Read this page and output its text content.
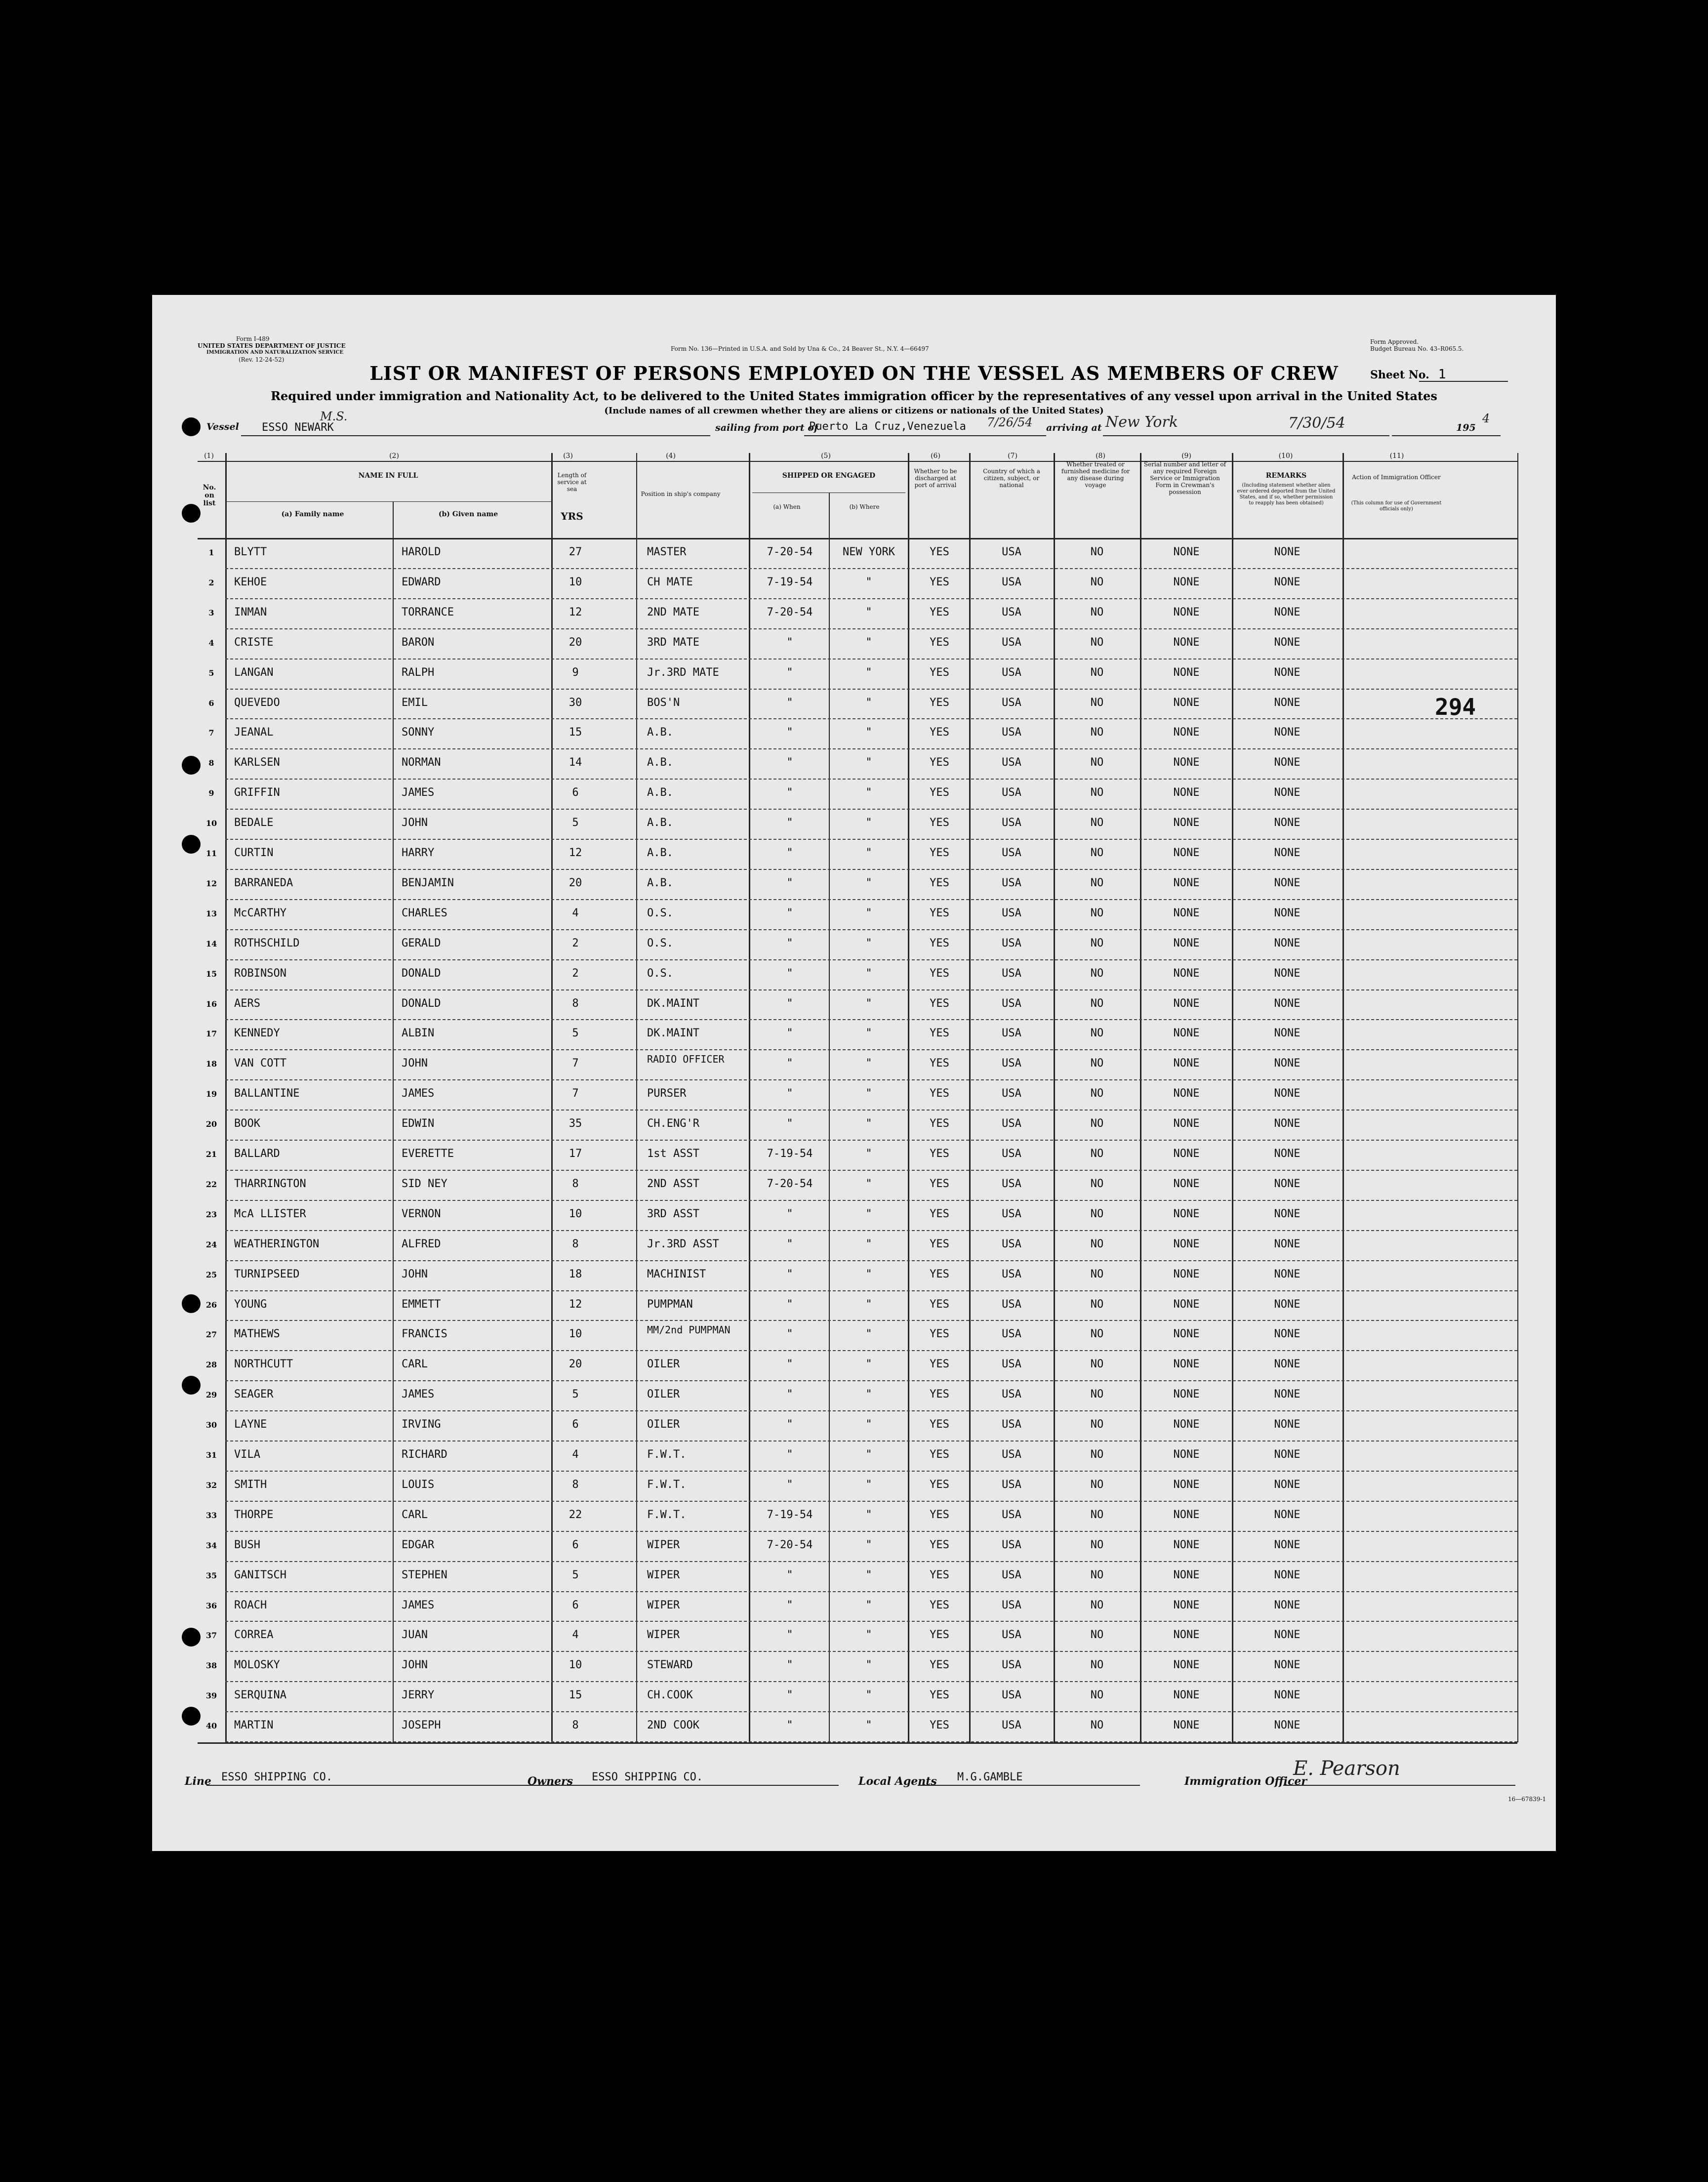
Form I-489
UNITED STATES DEPARTMENT OF JUSTICE
IMMIGRATION AND NATURALIZATION SERVICE
(Rev. 12-24-52)
Form No. 136—Printed in U.S.A. and Sold by Una & Co., 24 Beaver St., N.Y. 4—66497
Form Approved.
Budget Bureau No. 43–R065.5.
LIST OR MANIFEST OF PERSONS EMPLOYED ON THE VESSEL AS MEMBERS OF CREW	Sheet No. 1
Required under immigration and Nationality Act, to be delivered to the United States immigration officer by the representatives of any vessel upon arrival in the United States
(Include names of all crewmen whether they are aliens or citizens or nationals of the United States)
Vessel
M.S.
ESSO NEWARK	sailing from port of
Puerto La Cruz,Venezuela 7/26/54 arriving at New York	7/30/54	195
4
(1)	(2)	(3)	(4)	(5)	(6)	(7)	(8)	(9)	(10)	(11)
No. on list
NAME IN FULL
(a) Family name	(b) Given name
Length of service at sea
YRS
Position in ship's company
SHIPPED OR ENGAGED
(a) When	(b) Where
Whether to be discharged at port of arrival
Country of which a citizen, subject, or national
Whether treated or furnished medicine for any disease during voyage
Serial number and letter of any required Foreign Service or Immigration Form in Crewman's possession
REMARKS
(Including statement whether alien ever ordered deported from the United States, and if so, whether permission to reapply has been obtained)
Action of Immigration Officer
(This column for use of Government officials only)
1	BLYTT	HAROLD	27	MASTER	7-20-54	NEW YORK	YES	USA	NO	NONE	NONE
2	KEHOE	EDWARD	10	CH MATE	7-19-54	"	YES	USA	NO	NONE	NONE
3	INMAN	TORRANCE	12	2ND MATE	7-20-54	"	YES	USA	NO	NONE	NONE
4	CRISTE	BARON	20	3RD MATE	"	"	YES	USA	NO	NONE	NONE
5	LANGAN	RALPH	9	Jr.3RD MATE	"	"	YES	USA	NO	NONE	NONE
6	QUEVEDO	EMIL	30	BOS'N	"	"	YES	USA	NO	NONE	NONE
7	JEANAL	SONNY	15	A.B.	"	"	YES	USA	NO	NONE	NONE
8	KARLSEN	NORMAN	14	A.B.	"	"	YES	USA	NO	NONE	NONE
9	GRIFFIN	JAMES	6	A.B.	"	"	YES	USA	NO	NONE	NONE
10	BEDALE	JOHN	5	A.B.	"	"	YES	USA	NO	NONE	NONE
11	CURTIN	HARRY	12	A.B.	"	"	YES	USA	NO	NONE	NONE
12	BARRANEDA	BENJAMIN	20	A.B.	"	"	YES	USA	NO	NONE	NONE
13	McCARTHY	CHARLES	4	O.S.	"	"	YES	USA	NO	NONE	NONE
14	ROTHSCHILD	GERALD	2	O.S.	"	"	YES	USA	NO	NONE	NONE
15	ROBINSON	DONALD	2	O.S.	"	"	YES	USA	NO	NONE	NONE
16	AERS	DONALD	8	DK.MAINT	"	"	YES	USA	NO	NONE	NONE
17	KENNEDY	ALBIN	5	DK.MAINT	"	"	YES	USA	NO	NONE	NONE
18	VAN COTT	JOHN	7	RADIO OFFICER	"	"	YES	USA	NO	NONE	NONE
19	BALLANTINE	JAMES	7	PURSER	"	"	YES	USA	NO	NONE	NONE
20	BOOK	EDWIN	35	CH.ENG'R	"	"	YES	USA	NO	NONE	NONE
21	BALLARD	EVERETTE	17	1st ASST	7-19-54	"	YES	USA	NO	NONE	NONE
22	THARRINGTON	SID NEY	8	2ND ASST	7-20-54	"	YES	USA	NO	NONE	NONE
23	McA LLISTER	VERNON	10	3RD ASST	"	"	YES	USA	NO	NONE	NONE
24	WEATHERINGTON	ALFRED	8	Jr.3RD ASST	"	"	YES	USA	NO	NONE	NONE
25	TURNIPSEED	JOHN	18	MACHINIST	"	"	YES	USA	NO	NONE	NONE
26	YOUNG	EMMETT	12	PUMPMAN	"	"	YES	USA	NO	NONE	NONE
27	MATHEWS	FRANCIS	10	MM/2nd PUMPMAN	"	"	YES	USA	NO	NONE	NONE
28	NORTHCUTT	CARL	20	OILER	"	"	YES	USA	NO	NONE	NONE
29	SEAGER	JAMES	5	OILER	"	"	YES	USA	NO	NONE	NONE
30	LAYNE	IRVING	6	OILER	"	"	YES	USA	NO	NONE	NONE
31	VILA	RICHARD	4	F.W.T.	"	"	YES	USA	NO	NONE	NONE
32	SMITH	LOUIS	8	F.W.T.	"	"	YES	USA	NO	NONE	NONE
33	THORPE	CARL	22	F.W.T.	7-19-54	"	YES	USA	NO	NONE	NONE
34	BUSH	EDGAR	6	WIPER	7-20-54	"	YES	USA	NO	NONE	NONE
35	GANITSCH	STEPHEN	5	WIPER	"	"	YES	USA	NO	NONE	NONE
36	ROACH	JAMES	6	WIPER	"	"	YES	USA	NO	NONE	NONE
37	CORREA	JUAN	4	WIPER	"	"	YES	USA	NO	NONE	NONE
38	MOLOSKY	JOHN	10	STEWARD	"	"	YES	USA	NO	NONE	NONE
39	SERQUINA	JERRY	15	CH.COOK	"	"	YES	USA	NO	NONE	NONE
40	MARTIN	JOSEPH	8	2ND COOK	"	"	YES	USA	NO	NONE	NONE
294
Line ESSO SHIPPING CO.	Owners ESSO SHIPPING CO.	Local Agents M.G.GAMBLE	Immigration Officer
E. Pearson
16—67839-1
